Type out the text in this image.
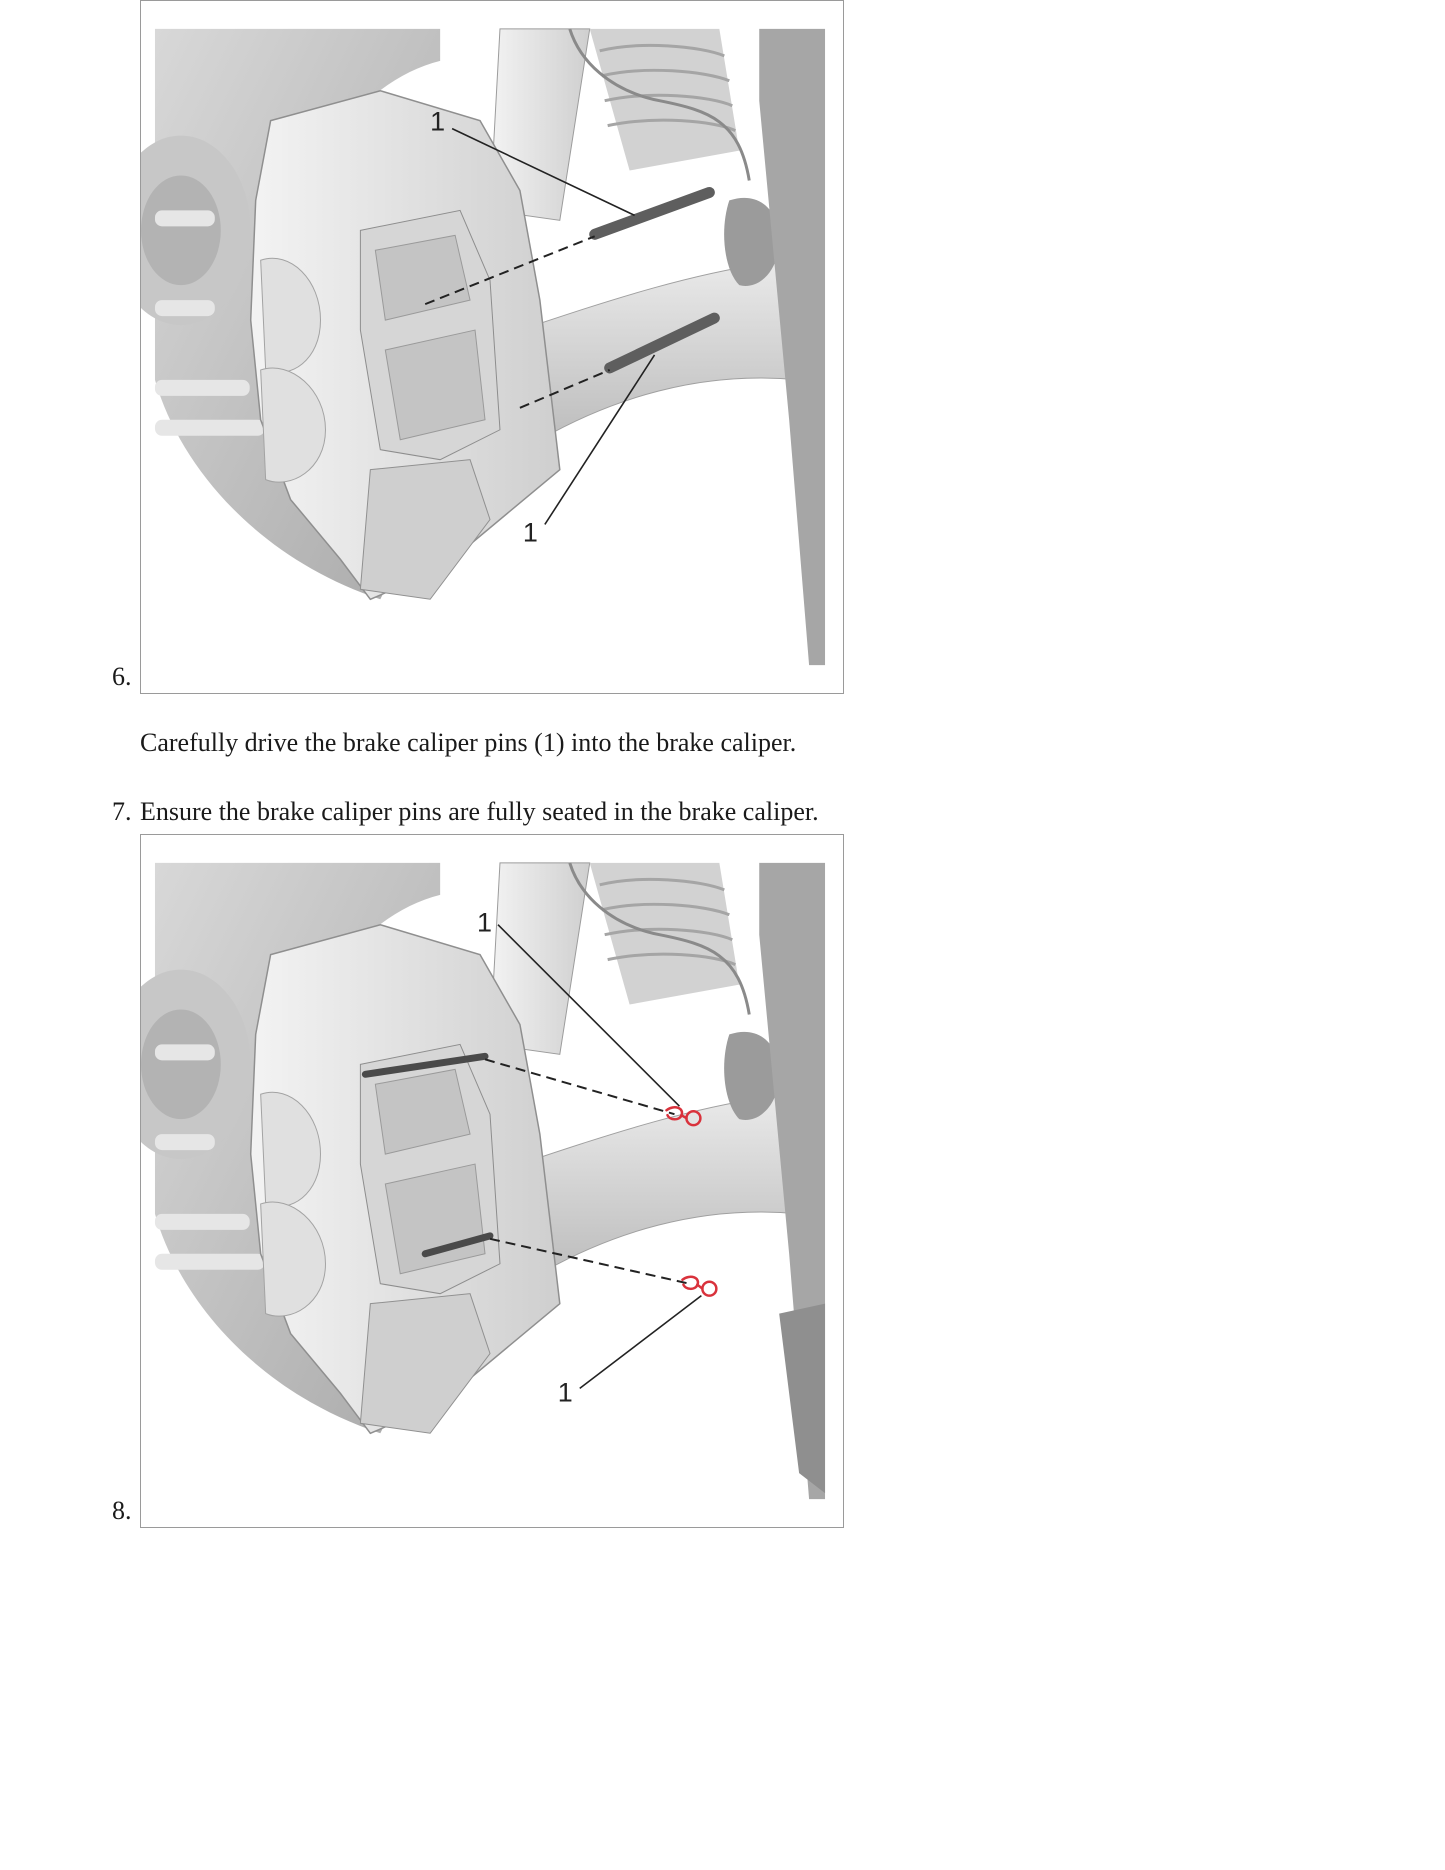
6.
1
1
Carefully drive the brake caliper pins (1) into the brake caliper.
7. Ensure the brake caliper pins are fully seated in the brake caliper.
8.
1
1
